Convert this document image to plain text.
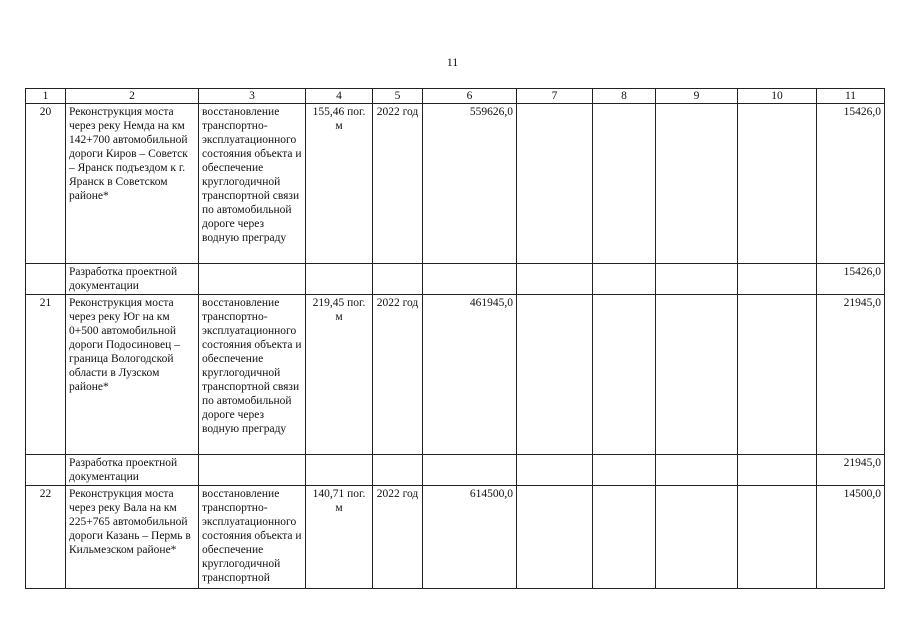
11
1	2	3	4	5	6	7	8	9	10	11
20	Реконструкция моста через реку Немда на км 142+700 автомобильной дороги Киров – Советск – Яранск подъездом к г. Яранск в Советском районе*	восстановление транспортно-эксплуатационного состояния объекта и обеспечение круглогодичной транспортной связи по автомобильной дороге через водную преграду	155,46 пог. м	2022 год	559626,0					15426,0
	Разработка проектной документации									15426,0
21	Реконструкция моста через реку Юг на км 0+500 автомобильной дороги Подосиновец – граница Вологодской области в Лузском районе*	восстановление транспортно-эксплуатационного состояния объекта и обеспечение круглогодичной транспортной связи по автомобильной дороге через водную преграду	219,45 пог. м	2022 год	461945,0					21945,0
	Разработка проектной документации									21945,0
22	Реконструкция моста через реку Вала на км 225+765 автомобильной дороги Казань – Пермь в Кильмезском районе*	восстановление транспортно-эксплуатационного состояния объекта и обеспечение круглогодичной транспортной	140,71 пог. м	2022 год	614500,0					14500,0
